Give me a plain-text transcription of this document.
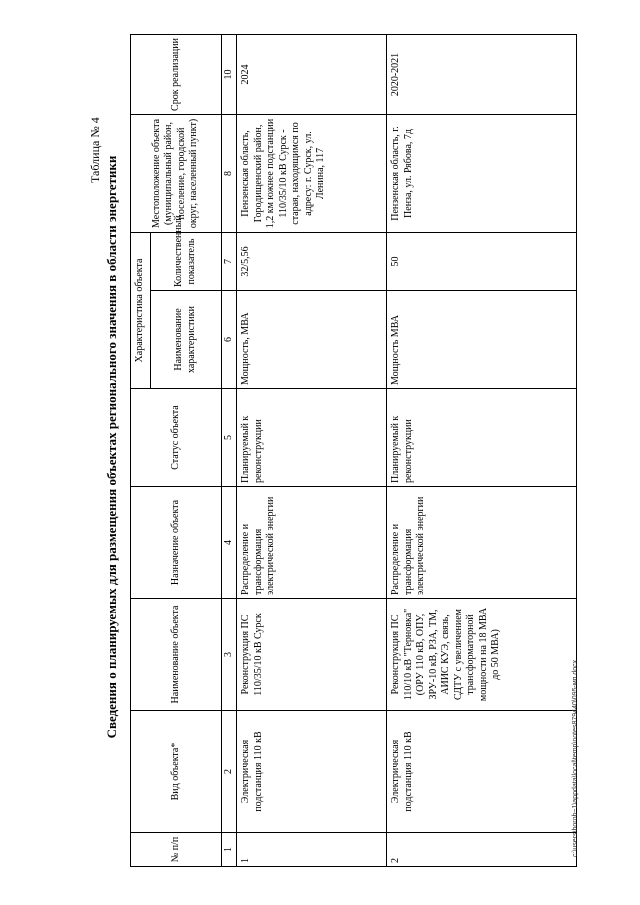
Таблица № 4
Сведения о планируемых для размещения объектах регионального значения в области энергетики
№ п/п	Вид объекта*	Наименование объекта	Назначение объекта	Статус объекта	Характеристика объекта		Местоположение объекта (муниципальный район, поселение, городской округ, населенный пункт)	Срок реализации
					Наименование характеристики	Количественный показатель		
1	2	3	4	5	6	7	8	10
1	Электрическая подстанция 110 кВ	Реконструкция ПС 110/35/10 кВ Сурск	Распределение и трансформация электрической энергии	Планируемый к реконструкции	Мощность, МВА	32/5,56	Пензенская область, Городищенский район, 1,2 км южнее подстанции 110/35/10 кВ Сурск - старая, находящимся по адресу: г. Сурск, ул. Ленина, 117	2024
2	Электрическая подстанция 110 кВ	Реконструкция ПС 110/10 кВ "Терновка" (ОРУ 110 кВ, ОПУ, ЗРУ-10 кВ, РЗА, ТМ, АИИС КУЭ, связь, СДТУ с увеличением трансформаторной мощности на 18 МВА до 50 МВА)	Распределение и трансформация электрической энергии	Планируемый к реконструкции	Мощность МВА	50	Пензенская область, г. Пенза, ул. Рябова, 7д	2020-2021
c:\users\borob~1\appdata\local\temp\notes879440\095-мп.docx
